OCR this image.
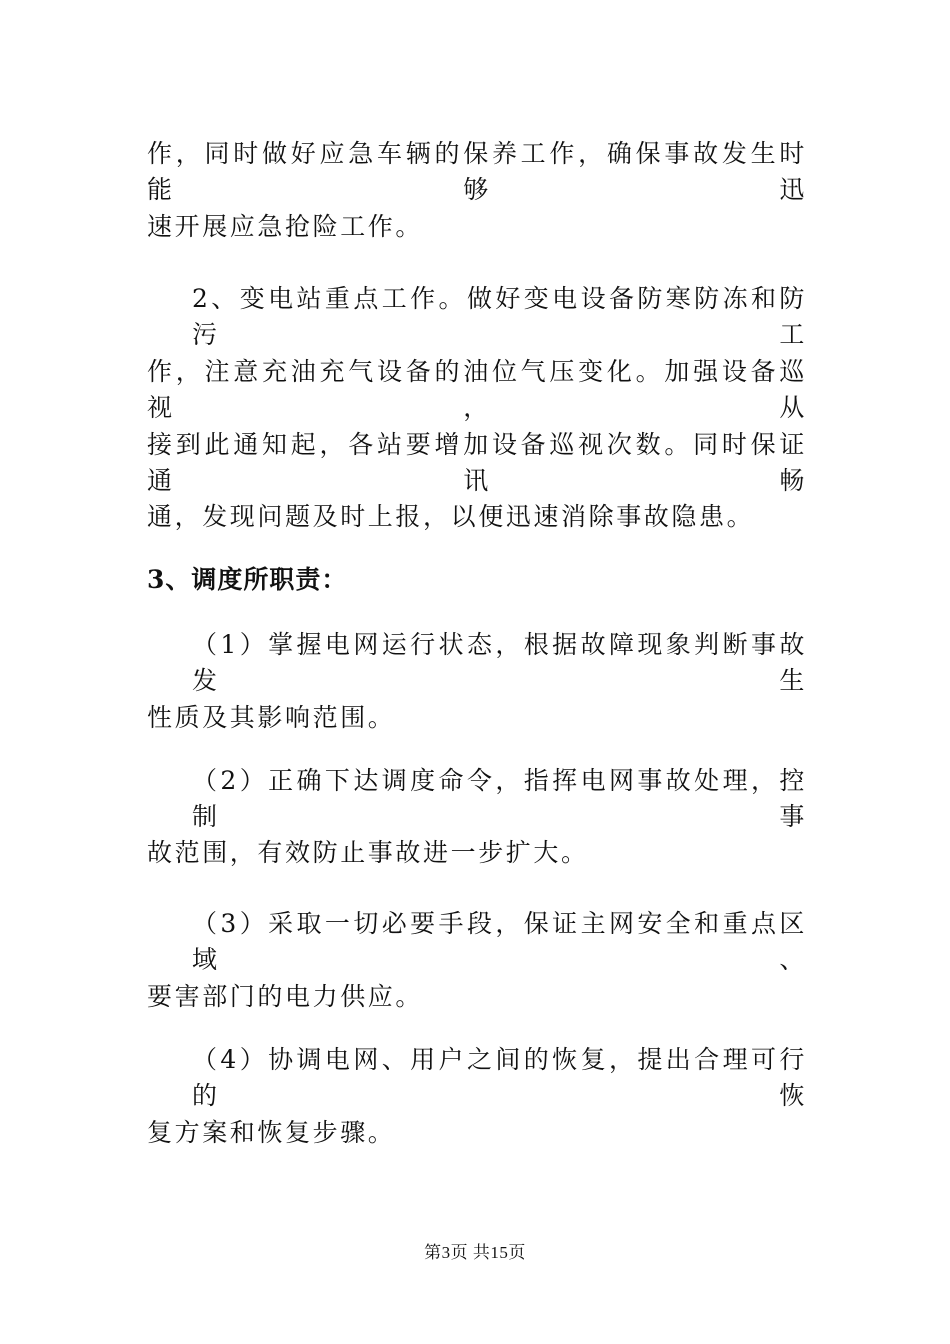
作，同时做好应急车辆的保养工作，确保事故发生时能够迅
速开展应急抢险工作。
2、变电站重点工作。做好变电设备防寒防冻和防污工
作，注意充油充气设备的油位气压变化。加强设备巡视，从
接到此通知起，各站要增加设备巡视次数。同时保证通讯畅
通，发现问题及时上报，以便迅速消除事故隐患。
3、调度所职责：
（1）掌握电网运行状态，根据故障现象判断事故发生
性质及其影响范围。
（2）正确下达调度命令，指挥电网事故处理，控制事
故范围，有效防止事故进一步扩大。
（3）采取一切必要手段，保证主网安全和重点区域、
要害部门的电力供应。
（4）协调电网、用户之间的恢复，提出合理可行的恢
复方案和恢复步骤。
第3页 共15页
